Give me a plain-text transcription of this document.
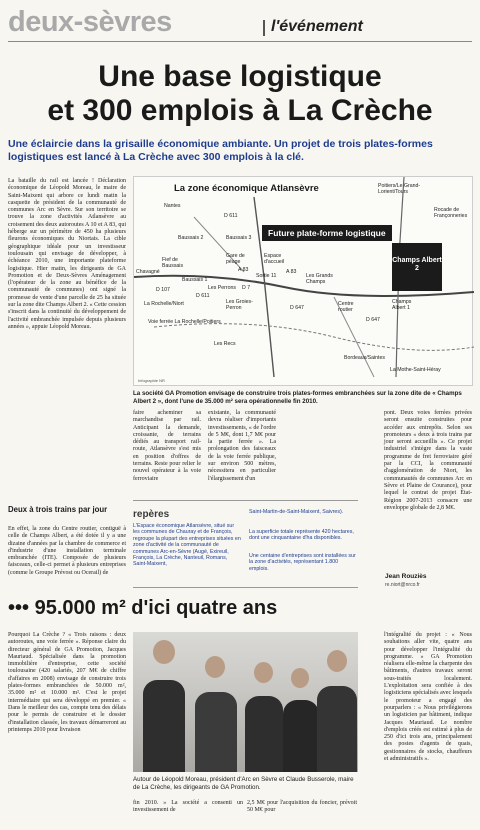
deux-sèvres	l'événement
Une base logistique
et 300 emplois à La Crèche
Une éclaircie dans la grisaille économique ambiante. Un projet de trois plates-formes logistiques est lancé à La Crèche avec 300 emplois à la clé.
La bataille du rail est lancée ! Déclaration économique de Léopold Moreau, le maire de Saint-Maixent qui arbore ce lundi matin la casquette de président de la communauté de communes Arc en Sèvre. Sur son territoire se trouve la zone d'activités Atlansèvre au croisement des deux autoroutes A 10 et A 83, qui héberge sur un périmètre de 450 ha plusieurs fleurons économiques du Niortais. La cible géographique idéale pour un investisseur toulousain qui envisage de développer, à échéance 2010, une importante plateforme logistique. Hier matin, les dirigeants de GA Promotion et de Deux-Sèvres Aménagement (l'opérateur de la zone au bénéfice de la communauté de communes) ont signé la promesse de vente d'une parcelle de 25 ha située sur la zone dite Champs Albert 2. « Cette cession s'inscrit dans la continuité du développement de l'activité embranchée impulsée depuis plusieurs années », appuie Léopold Moreau.
Deux à trois trains par jour
En effet, la zone du Centre routier, contiguë à celle de Champs Albert, a été dotée il y a une dizaine d'années par la chambre de commerce et d'industrie d'une installation terminale embranchée (ITE). Composée de plusieurs faisceaux, celle-ci permet à plusieurs entreprises (comme le Groupe Prévost ou Ocerail) de
La zone économique Atlansèvre
Future plate-forme logistique
Champs Albert 2
Nantes
A 83
Sortie 11
Gare de péage
Espace d'accueil
Baussais 2	Baussais 3
Baussais 1
Fief de Baussais
Chavagné
Les Perrons
Les Grands Champs
Les Groies-Perron
Centre routier
Champs Albert 1
Les Recs
La Rochelle/Niort
Voie ferrée La Rochelle/Poitiers
Bordeaux/Saintes
La Mothe-Saint-Héray
Poitiers/Le Grand-Lorient/Tours
Rocade de Françonneries
D 611
D 611
D 107	D 7
D 647
D 647
A 83
Infographie NR
La société GA Promotion envisage de construire trois plates-formes embranchées sur la zone dite de « Champs Albert 2 », dont l'une de 35.000 m² sera opérationnelle fin 2010.
faire acheminer sa marchandise par rail. Anticipant la demande, croissante, de terrains dédiés au transport rail-route, Atlansèvre s'est mis en position d'offres de terrains. Reste pour relier le nouvel opérateur à la voie ferroviaire
existante, la communauté devra réaliser d'importants investissements, « de l'ordre de 5 M€, dont 1,7 M€ pour la partie ferrée ». La prolongation des faisceaux de la voie ferrée publique, sur environ 500 mètres, nécessitera en particulier l'élargissement d'un
pont. Deux voies ferrées privées seront ensuite construites pour accéder aux entrepôts. Selon ses promoteurs « deux à trois trains par jour seront accueillis ». Ce projet industriel s'intègre dans la vaste programme de fret ferroviaire géré par la CCI, la communauté d'agglomération de Niort, les communautés de communes Arc en Sèvre et Plaine de Courance), pour lequel le contrat de projet État-Région 2007-2013 consacre une enveloppe globale de 2,8 M€.
repères
L'Espace économique Atlansèvre, situé sur les communes de Chauray et de François, regroupe la plupart des entreprises situées en zone d'activité de la communauté de communes Arc-en-Sèvre (Augé, Exireuil, François, La Crèche, Nanteuil, Romans, Saint-Maixent,
Saint-Martin-de-Saint-Maixent, Saivres).
La superficie totale représente 420 hectares, dont une cinquantaine d'ha disponibles.
Une centaine d'entreprises sont installées sur la zone d'activités, représentant 1.800 emplois.
Jean Rouziès
re.niort@nrco.fr
••• 95.000 m² d'ici quatre ans
Pourquoi La Crèche ? « Trois raisons : deux autoroutes, une voie ferrée ». Réponse claire du directeur général de GA Promotion, Jacques Mauriaud. Spécialisée dans la promotion immobilière d'entreprise, cette société toulousaine (420 salariés, 207 M€ de chiffre d'affaires en 2008) envisage de construire trois plates-formes embranchées de 50.000 m², 35.000 m² et 10.000 m². C'est le projet intermédiaire qui sera développé en premier. « Dans le meilleur des cas, compte tenu des délais pour le permis de construire et le dossier d'installation classée, les travaux démarreront au printemps 2010 pour livraison
Autour de Léopold Moreau, président d'Arc en Sèvre et Claude Busserole, maire de La Crèche, les dirigeants de GA Promotion.
fin 2010. » La société a consenti un investissement de
2,5 M€ pour l'acquisition du foncier, prévoit 50 M€ pour
l'intégralité du projet : « Nous souhaitons aller vite, quatre ans pour développer l'intégralité du programme. » GA Promotion réalisera elle-même la charpente des bâtiments, d'autres travaux seront sous-traités localement. L'exploitation sera confiée à des logisticiens spécialisés avec lesquels le promoteur a engagé des pourparlers : « Nous privilégierons un logisticien par bâtiment, indique Jacques Mauriaud. Le nombre d'emplois créés est estimé à plus de 250 d'ici trois ans, principalement des postes d'agents de quais, gestionnaires de stocks, chauffeurs et administratifs ».
